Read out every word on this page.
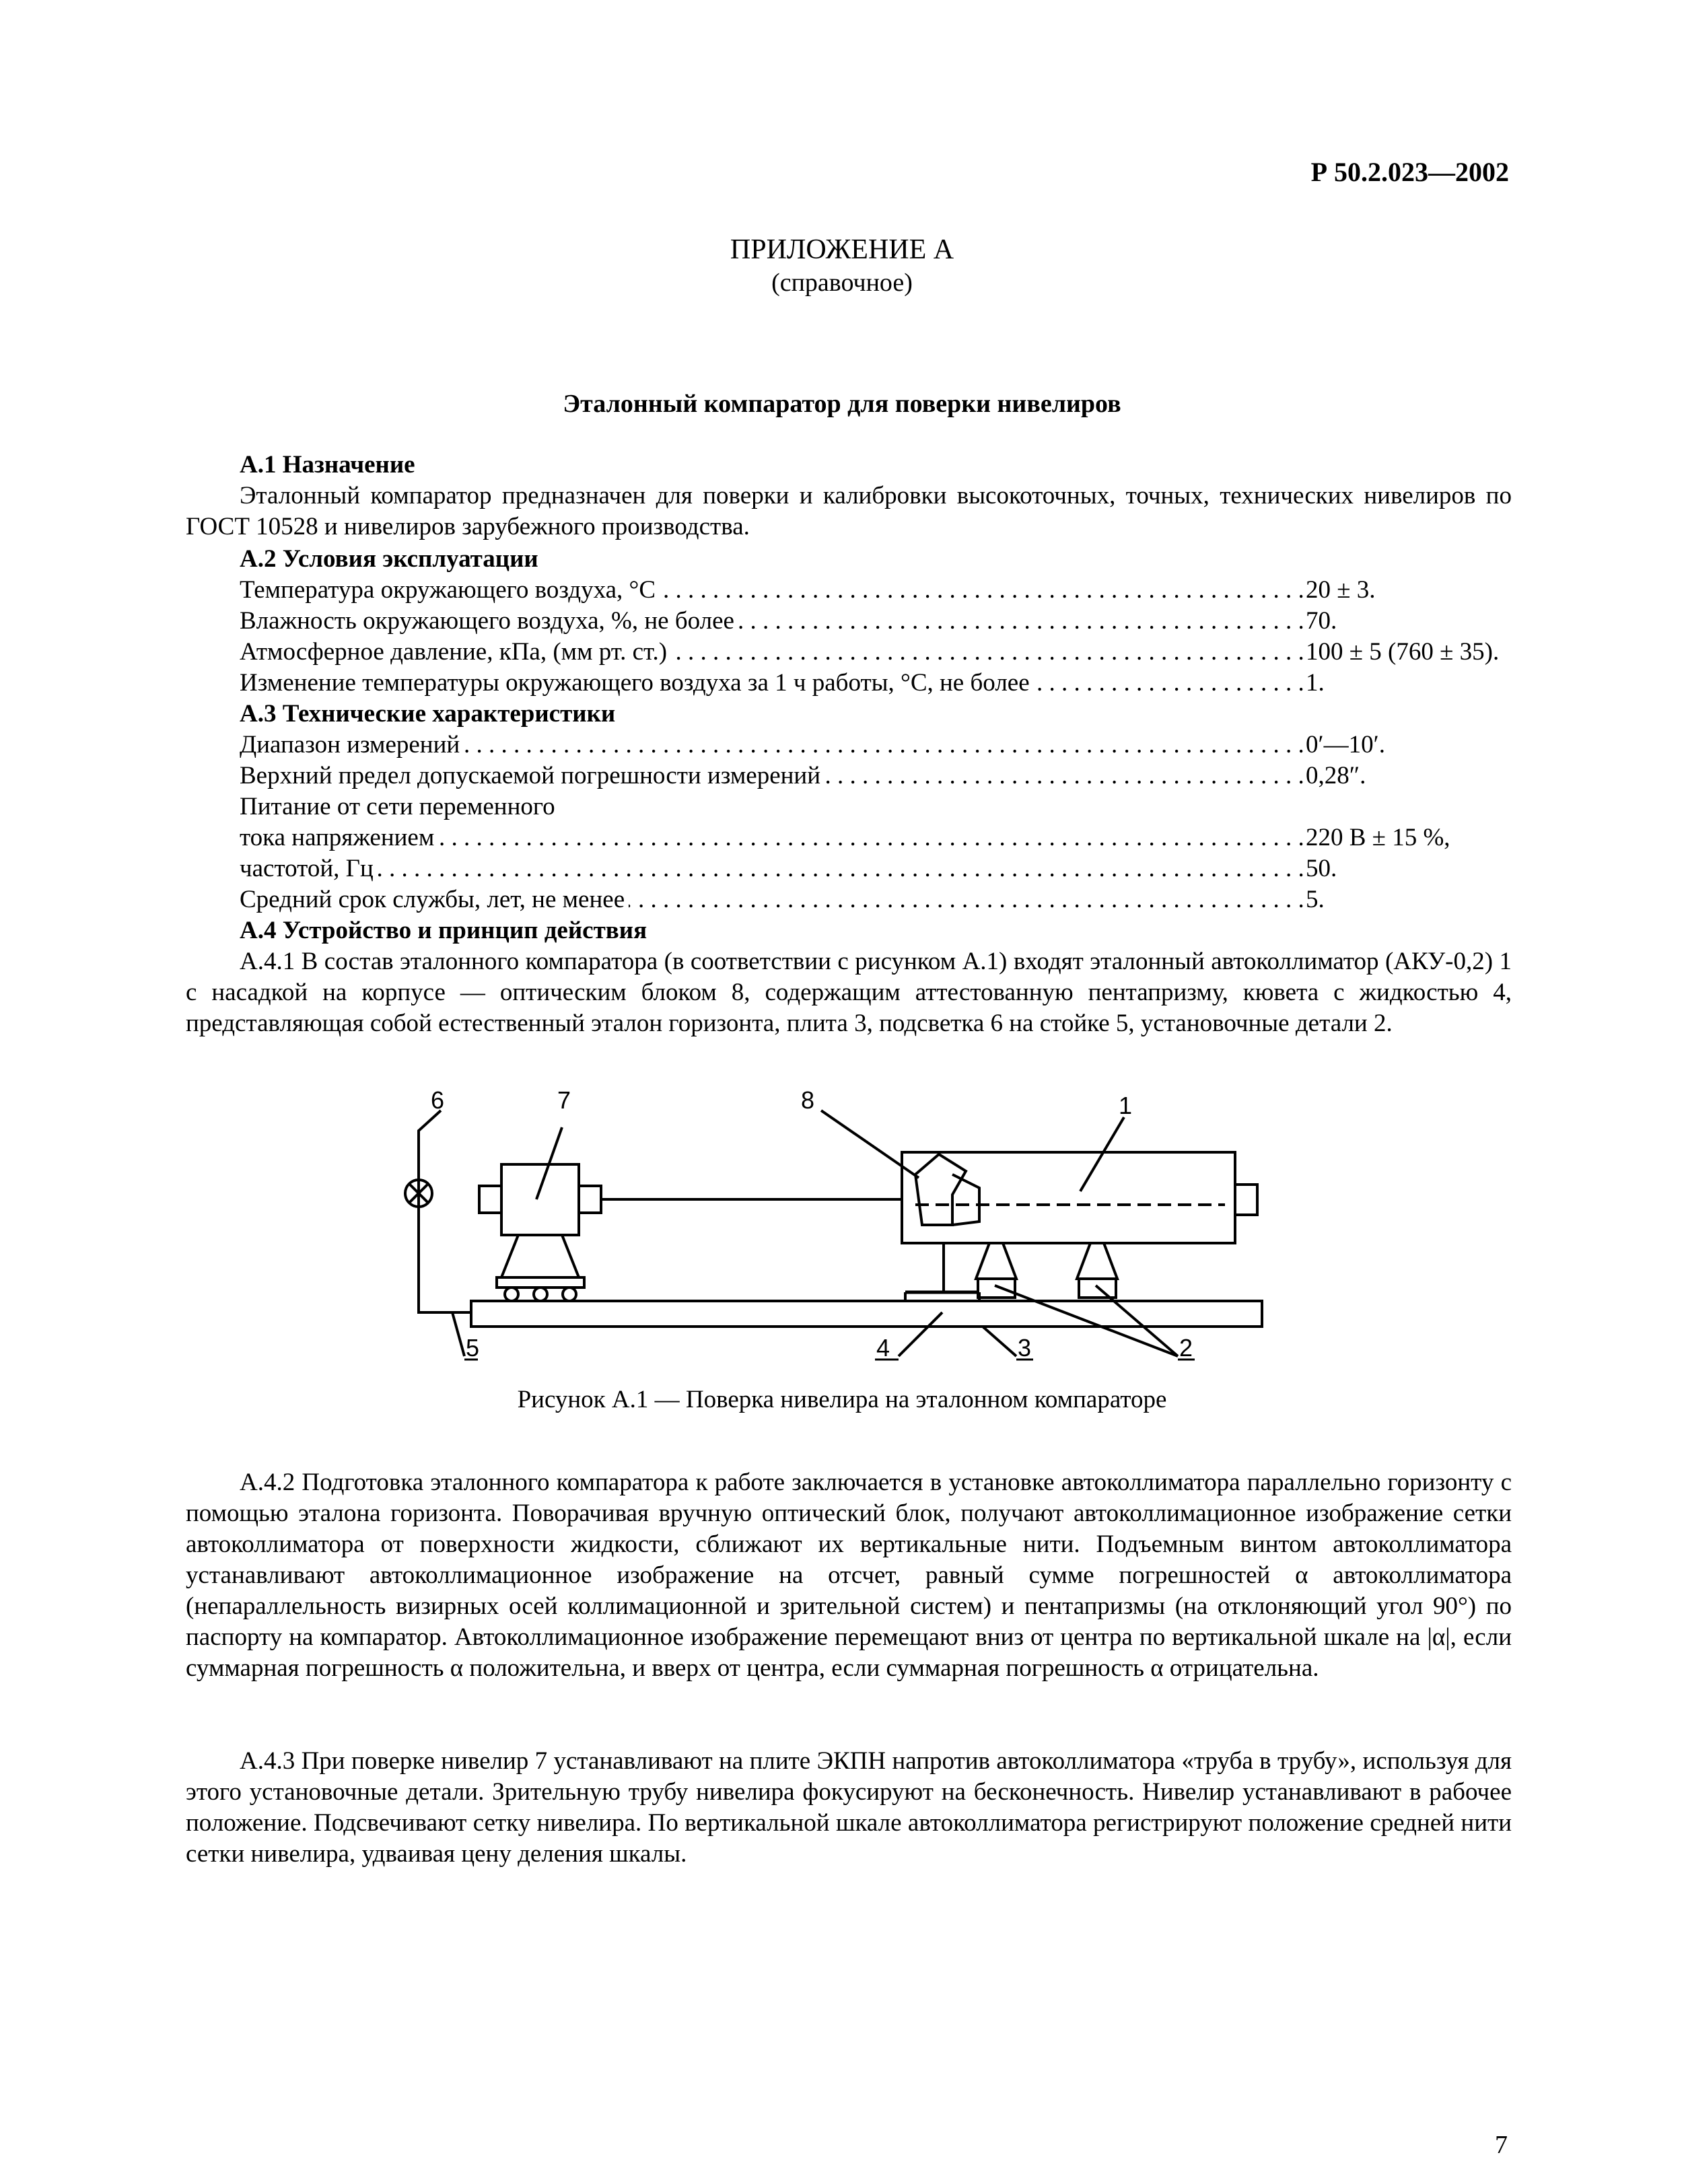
Р 50.2.023—2002
ПРИЛОЖЕНИЕ А
(справочное)
Эталонный компаратор для поверки нивелиров
А.1 Назначение

Эталонный компаратор предназначен для поверки и калибровки высокоточных, точных, технических нивелиров по ГОСТ 10528 и нивелиров зарубежного производства.

А.2 Условия эксплуатации
Температура окружающего воздуха, °С . . .	20 ± 3.
Влажность окружающего воздуха, %, не более . . .	70.
Атмосферное давление, кПа, (мм рт. ст.) . . .	100 ± 5 (760 ± 35).
Изменение температуры окружающего воздуха за 1 ч работы, °С, не более . . .	1.
А.3 Технические характеристики
Диапазон измерений . . .	0′—10′.
Верхний предел допускаемой погрешности измерений . . .	0,28″.
Питание от сети переменного
тока напряжением . . .	220 В ± 15 %,
частотой, Гц . . .	50.
Средний срок службы, лет, не менее . . .	5.
А.4 Устройство и принцип действия

А.4.1 В состав эталонного компаратора (в соответствии с рисунком А.1) входят эталонный автоколлиматор (АКУ-0,2) 1 с насадкой на корпусе — оптическим блоком 8, содержащим аттестованную пентапризму, кювета с жидкостью 4, представляющая собой естественный эталон горизонта, плита 3, подсветка 6 на стойке 5, установочные детали 2.

6	7	8	1
5	4	3	2
Рисунок А.1 — Поверка нивелира на эталонном компараторе

А.4.2 Подготовка эталонного компаратора к работе заключается в установке автоколлиматора параллельно горизонту с помощью эталона горизонта. Поворачивая вручную оптический блок, получают автоколлимационное изображение сетки автоколлиматора от поверхности жидкости, сближают их вертикальные нити. Подъемным винтом автоколлиматора устанавливают автоколлимационное изображение на отсчет, равный сумме погрешностей α автоколлиматора (непараллельность визирных осей коллимационной и зрительной систем) и пентапризмы (на отклоняющий угол 90°) по паспорту на компаратор. Автоколлимационное изображение перемещают вниз от центра по вертикальной шкале на |α|, если суммарная погрешность α положительна, и вверх от центра, если суммарная погрешность α отрицательна.

А.4.3 При поверке нивелир 7 устанавливают на плите ЭКПН напротив автоколлиматора «труба в трубу», используя для этого установочные детали. Зрительную трубу нивелира фокусируют на бесконечность. Нивелир устанавливают в рабочее положение. Подсвечивают сетку нивелира. По вертикальной шкале автоколлиматора регистрируют положение средней нити сетки нивелира, удваивая цену деления шкалы.

7
